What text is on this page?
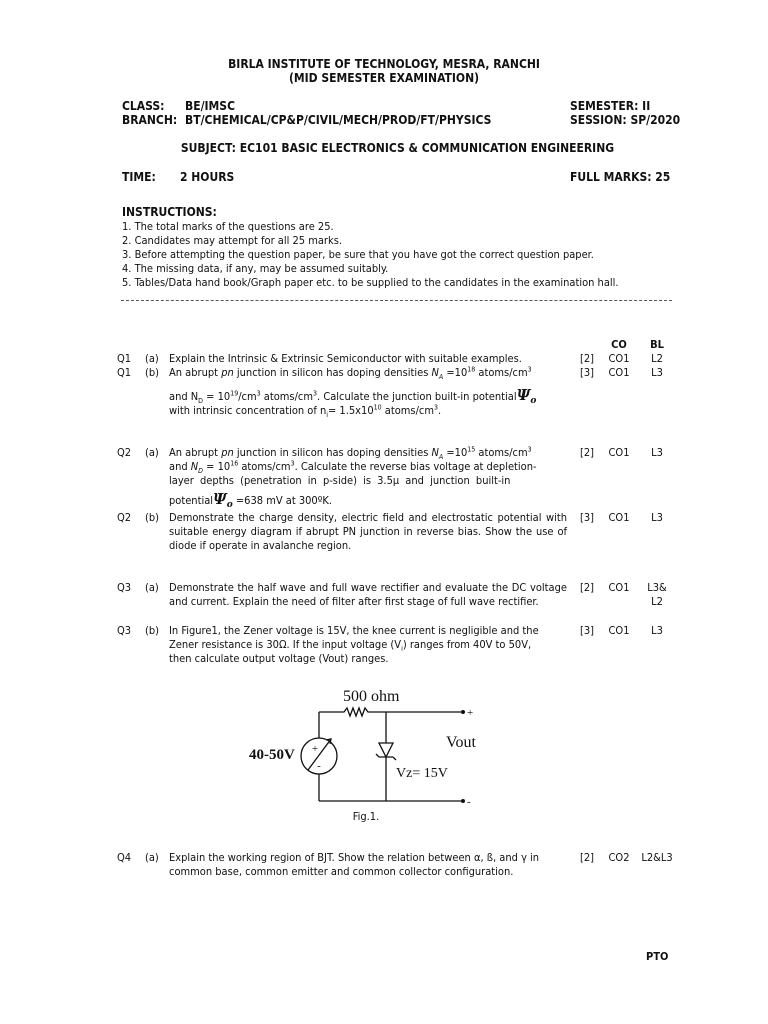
BIRLA INSTITUTE OF TECHNOLOGY, MESRA, RANCHI
(MID SEMESTER EXAMINATION)
CLASS: BE/IMSC
BRANCH: BT/CHEMICAL/CP&P/CIVIL/MECH/PROD/FT/PHYSICS
SEMESTER: II
SESSION: SP/2020
SUBJECT: EC101 BASIC ELECTRONICS & COMMUNICATION ENGINEERING
TIME: 2 HOURS	FULL MARKS: 25
INSTRUCTIONS:
1. The total marks of the questions are 25.
2. Candidates may attempt for all 25 marks.
3. Before attempting the question paper, be sure that you have got the correct question paper.
4. The missing data, if any, may be assumed suitably.
5. Tables/Data hand book/Graph paper etc. to be supplied to the candidates in the examination hall.
CO	BL
Q1	(a) Explain the Intrinsic & Extrinsic Semiconductor with suitable examples.	[2]	CO1	L2
Q1	(b) An abrupt pn junction in silicon has doping densities $N_A =10^{18}$ atoms/$cm^3$
and $N_D = 10^{19}/cm^3$ atoms/$cm^3$. Calculate the junction built-in potentialΨ$_o$
with intrinsic concentration of $n_i= 1.5x10^{10}$ atoms/$cm^3$.
[3]	CO1	L3
Q2	(a) An abrupt pn junction in silicon has doping densities $N_A =10^{15}$ atoms/$cm^3$
and $N_D = 10^{16}$ atoms/$cm^3$. Calculate the reverse bias voltage at depletion-
layer depths (penetration in p-side) is 3.5µ and junction built-in
potentialΨ$_o$ =638 mV at 300ºK.
[2]	CO1	L3
Q2	(b) Demonstrate the charge density, electric field and electrostatic potential with suitable energy diagram if abrupt PN junction in reverse bias. Show the use of diode if operate in avalanche region.
[3]	CO1	L3
Q3	(a) Demonstrate the half wave and full wave rectifier and evaluate the DC voltage and current. Explain the need of filter after first stage of full wave rectifier.
[2]	CO1	L3&
L2
Q3	(b) In Figure1, the Zener voltage is 15V, the knee current is negligible and the
Zener resistance is 30Ω. If the input voltage $(V_i)$ ranges from 40V to 50V,
then calculate output voltage (Vout) ranges.
[3]	CO1	L3
500 ohm
+
-
+
-
40-50V
Vout
Vz= 15V
Fig.1.
Q4	(a) Explain the working region of BJT. Show the relation between α, ß, and γ in common base, common emitter and common collector configuration.
[2]	CO2	L2&L3
PTO
